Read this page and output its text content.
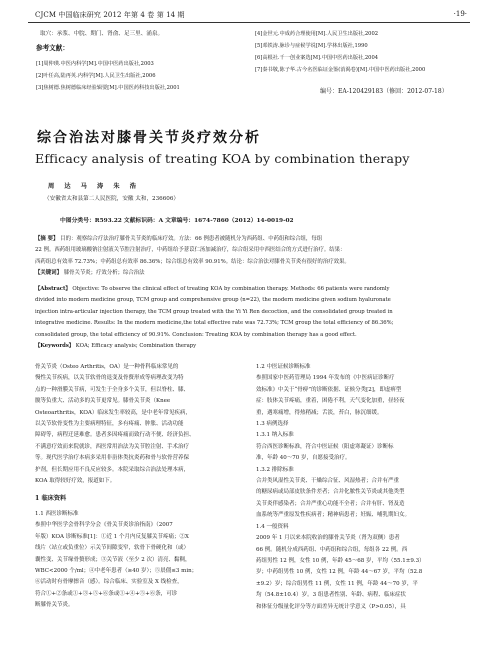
CJCM 中国临床研究 2012 年第 4 卷 第 14 期	·19·
取穴：承浆、中脘、期门、肾俞、足三里、涌泉。
参考文献：
[1]周仲瑛.中医内科学[M].中国中医药出版社,2003
[2]叶任高,陆再英.内科学[M].人民卫生出版社,2006
[3]焦树德.焦树德临床经验辑要[M].中国医药科技出版社,2001
[4]金世元.中成药合理使用[M].人民卫生出版社,2002
[5]邓铁涛.脉诊与症候学说[M].学林出版社,1990
[6]高根社.千一创业案选[M].中国中医药出版社,2004
[7]秦书敬,陈子华.古今名医临证金鉴(消渴卷)[M].中国中医药出版社,2000
编号：EA-120429183（修回：2012-07-18）
综合治法对膝骨关节炎疗效分析
Efficacy analysis of treating KOA by combination therapy
周 达 马 涛 朱 浩
（安徽省太和县第二人民医院，安徽 太和，236606）
中图分类号：R593.22 文献标识码：A 文章编号：1674-7860（2012）14-0019-02
【摘 要】 目的：观察综合疗法治疗膝骨关节炎的临床疗效。方法：66 例患者被随机分为西药组、中药组和综合组，每组
22 例。西药组用玻璃酸钠注射液关节腔注射治疗，中药组给予薏苡仁汤加减治疗，综合组采用中西医结合的方式进行治疗。结果：
西药组总有效率 72.73%；中药组总有效率 86.36%；综合组总有效率 90.91%。结论：综合治法对膝骨关节炎有很好的治疗效果。
【关键词】 膝骨关节炎；疗效分析；综合治法
【Abstract】 Objective: To observe the clinical effect of treating KOA by combination therapy. Methods: 66 patients were randomly
divided into modern medicine group, TCM group and comprehensive group (n=22), the modern medicine given sodium hyaluronate
injection intra-articular injection therapy, the TCM group treated with the Yi Yi Ren decoction, and the consolidated group treated in
integrative medicine. Results: In the modern medicine,the total effective rate was 72.73%; TCM group the total efficiency of 86.36%;
consolidated group, the total efficiency of 90.91%. Conclusion: Treating KOA by combination therapy has a good effect.
【Keywords】 KOA; Efficacy analysis; Combination therapy
骨关节炎（Osteo Arthritis，OA）是一种骨科临床常见的
慢性关节疾病，以关节软骨的退变及骨赘形成等病理改变为特
点的一种滑膜关节病，可发生于全身多个关节，但以脊柱、膝、
髋等负重大、活动多的关节更常见。膝骨关节炎（Knee
Osteoarthritis，KOA）临床发生率较高，是中老年常见疾病，
以关节软骨变性为主要病理特征，多有疼痛、肿胀、活动功能
障碍等，病程迁延难愈。患者多因疼痛而致行动不便、经济负担、
不满意疗效而来院就诊，西医常用治法为关节腔注射、手术治疗
等。现代医学治疗本病多采用非甾体类抗炎药和骨与软骨营养保
护剂，但长期应用不良反应较多。本院采取综合治法处理本病，
KOA 取得较好疗效，报道如下。
1 临床资料
1.1 西医诊断标准
参照中华医学会骨科学分会《骨关节炎诊治指南》（2007
年版）KOA 诊断标准[1]：①近 1 个月内反复膝关节疼痛；②X
线片（站立或负重位）示关节间隙变窄，软骨下骨硬化和（或）
囊性变、关节缘骨赘形成；③关节液（至少 2 次）清亮、黏稠，
WBC<2000 个/ml；④中老年患者（≥40 岁）；⑤晨僵≤3 min；
⑥活动时有骨摩擦音（感）。综合临床、实验室及 X 线检查，
符合①+②条或①+③+⑤+⑥条或①+④+⑤+⑥条，可诊
断膝骨关节炎。
1.2 中医证候诊断标准
参照国家中医药管理局 1994 年发布的《中医病证诊断疗
效标准》中关于“骨痹”的诊断依据、证候分类[2]，即虚痹型
症：肢体关节疼痛，重着，困倦不利，天气变化加重，昼轻夜
重，遇寒痛增，得热稍减；舌淡，苔白，脉沉细缓。
1.3 病例选择
1.3.1 纳入标准
符合西医诊断标准，符合中医证候（阳虚寒凝证）诊断标
准，年龄 40～70 岁，自愿接受治疗。
1.3.2 排除标准
合并类风湿性关节炎、干燥综合征、风湿热者；合并有严重
的糖尿病或局部皮肤条件差者；合并化脓性关节炎或其他类型
关节炎伴感染者；合并严重心功能不全者；合并有肝、肾及造
血系统等严重原发性疾病者；精神病患者；妊娠、哺乳期妇女。
1.4 一般资料
2009 年 1 月以来本院收治的膝骨关节炎（肾为双侧）患者
66 例。随机分成西药组、中药组和综合组，每组各 22 例。西
药组男性 12 例，女性 10 例，年龄 45～68 岁，平均（55.1±9.3）
岁；中药组男性 10 例，女性 12 例，年龄 44～67 岁，平均（52.8
±9.2）岁；综合组男性 11 例，女性 11 例，年龄 44～70 岁，平
均（54.8±10.4）岁。3 组患者性别、年龄、病程、临床症状
和体征分级量化评分等方面差异无统计学意义（P>0.05），具
